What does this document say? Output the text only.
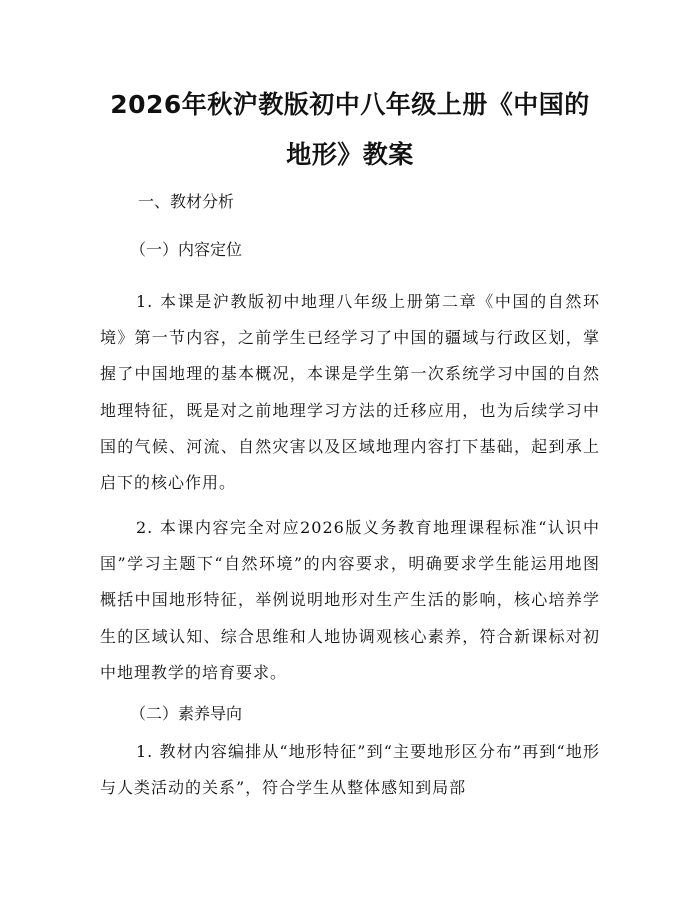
2026年秋沪教版初中八年级上册《中国的地形》教案

一、教材分析

（一）内容定位

1. 本课是沪教版初中地理八年级上册第二章《中国的自然环境》第一节内容，之前学生已经学习了中国的疆域与行政区划，掌握了中国地理的基本概况，本课是学生第一次系统学习中国的自然地理特征，既是对之前地理学习方法的迁移应用，也为后续学习中国的气候、河流、自然灾害以及区域地理内容打下基础，起到承上启下的核心作用。

2. 本课内容完全对应2026版义务教育地理课程标准“认识中国”学习主题下“自然环境”的内容要求，明确要求学生能运用地图概括中国地形特征，举例说明地形对生产生活的影响，核心培养学生的区域认知、综合思维和人地协调观核心素养，符合新课标对初中地理教学的培育要求。

（二）素养导向

1. 教材内容编排从“地形特征”到“主要地形区分布”再到“地形与人类活动的关系”，符合学生从整体感知到局部
